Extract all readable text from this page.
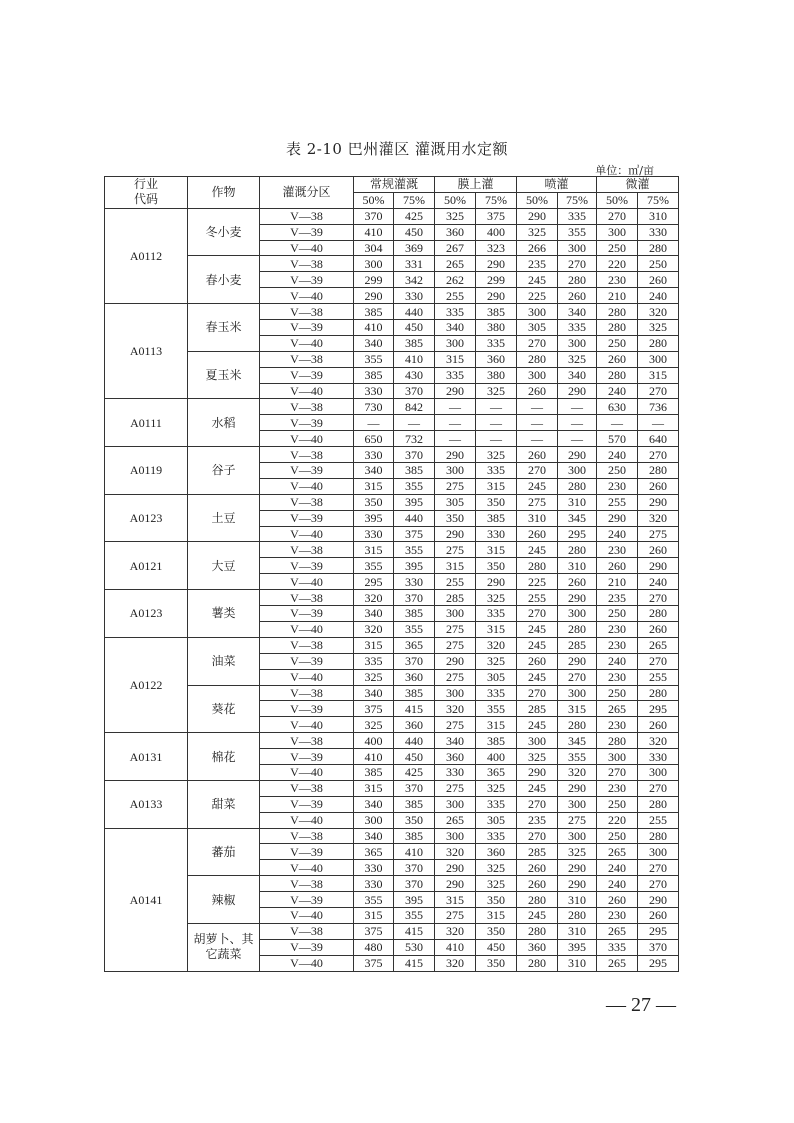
表 2-10 巴州灌区 灌溉用水定额
单位：㎥/亩
行业
代码	作物	灌溉分区	常规灌溉		膜上灌		喷灌		微灌	
			50%	75%	50%	75%	50%	75%	50%	75%
A0112	冬小麦	V—38	370	425	325	375	290	335	270	310
		V—39	410	450	360	400	325	355	300	330
		V—40	304	369	267	323	266	300	250	280
	春小麦	V—38	300	331	265	290	235	270	220	250
		V—39	299	342	262	299	245	280	230	260
		V—40	290	330	255	290	225	260	210	240
A0113	春玉米	V—38	385	440	335	385	300	340	280	320
		V—39	410	450	340	380	305	335	280	325
		V—40	340	385	300	335	270	300	250	280
	夏玉米	V—38	355	410	315	360	280	325	260	300
		V—39	385	430	335	380	300	340	280	315
		V—40	330	370	290	325	260	290	240	270
A0111	水稻	V—38	730	842	—	—	—	—	630	736
		V—39	—	—	—	—	—	—	—	—
		V—40	650	732	—	—	—	—	570	640
A0119	谷子	V—38	330	370	290	325	260	290	240	270
		V—39	340	385	300	335	270	300	250	280
		V—40	315	355	275	315	245	280	230	260
A0123	土豆	V—38	350	395	305	350	275	310	255	290
		V—39	395	440	350	385	310	345	290	320
		V—40	330	375	290	330	260	295	240	275
A0121	大豆	V—38	315	355	275	315	245	280	230	260
		V—39	355	395	315	350	280	310	260	290
		V—40	295	330	255	290	225	260	210	240
A0123	薯类	V—38	320	370	285	325	255	290	235	270
		V—39	340	385	300	335	270	300	250	280
		V—40	320	355	275	315	245	280	230	260
A0122	油菜	V—38	315	365	275	320	245	285	230	265
		V—39	335	370	290	325	260	290	240	270
		V—40	325	360	275	305	245	270	230	255
	葵花	V—38	340	385	300	335	270	300	250	280
		V—39	375	415	320	355	285	315	265	295
		V—40	325	360	275	315	245	280	230	260
A0131	棉花	V—38	400	440	340	385	300	345	280	320
		V—39	410	450	360	400	325	355	300	330
		V—40	385	425	330	365	290	320	270	300
A0133	甜菜	V—38	315	370	275	325	245	290	230	270
		V—39	340	385	300	335	270	300	250	280
		V—40	300	350	265	305	235	275	220	255
A0141	蕃茄	V—38	340	385	300	335	270	300	250	280
		V—39	365	410	320	360	285	325	265	300
		V—40	330	370	290	325	260	290	240	270
	辣椒	V—38	330	370	290	325	260	290	240	270
		V—39	355	395	315	350	280	310	260	290
		V—40	315	355	275	315	245	280	230	260
	胡萝卜、其它蔬菜	V—38	375	415	320	350	280	310	265	295
		V—39	480	530	410	450	360	395	335	370
		V—40	375	415	320	350	280	310	265	295
— 27 —
